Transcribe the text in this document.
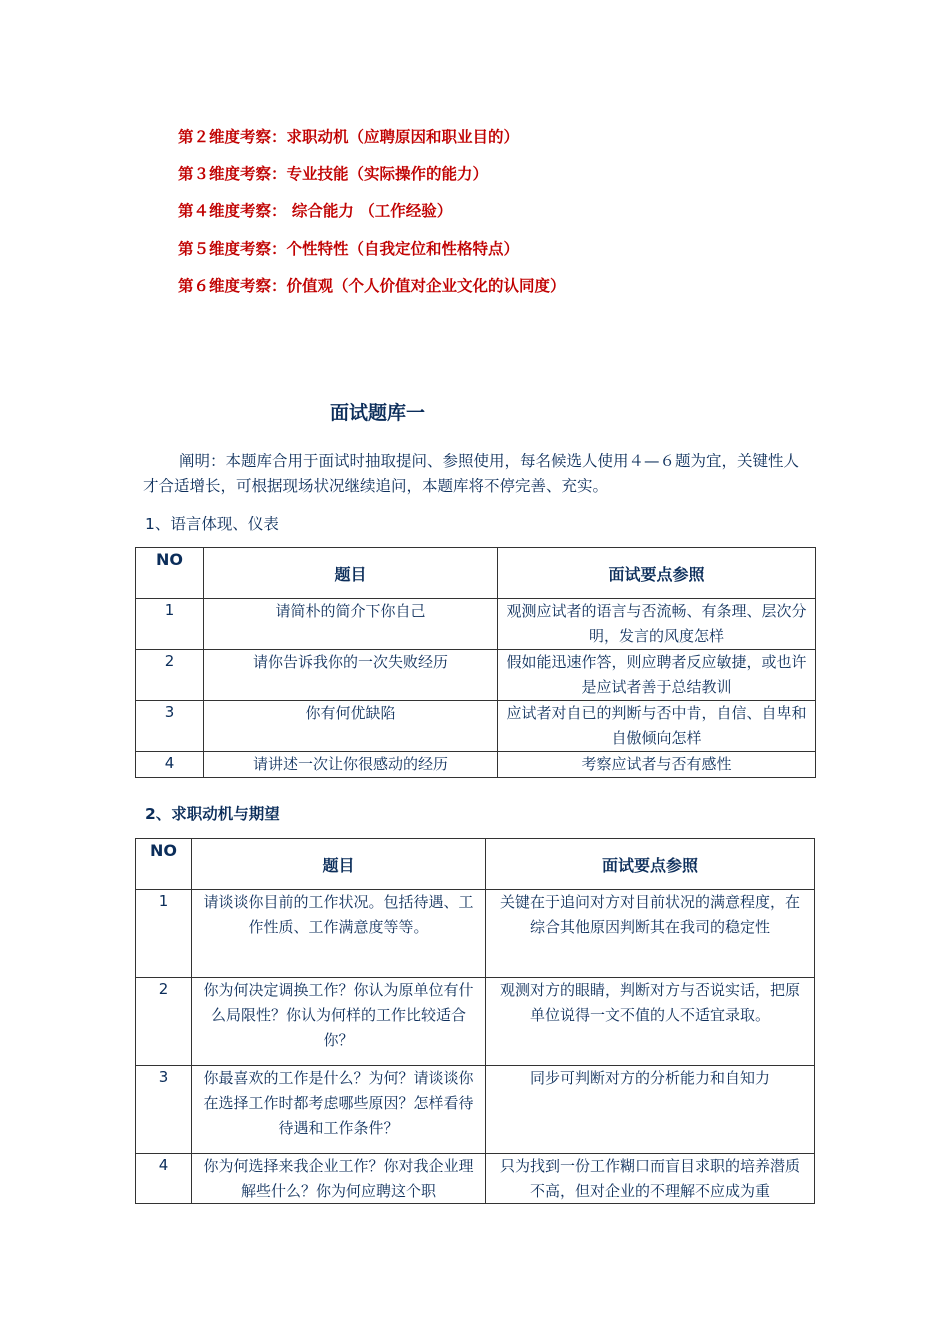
第２维度考察：求职动机（应聘原因和职业目的）
第３维度考察：专业技能（实际操作的能力）
第４维度考察： 综合能力 （工作经验）
第５维度考察：个性特性（自我定位和性格特点）
第６维度考察：价值观（个人价值对企业文化的认同度）
面试题库一
阐明：本题库合用于面试时抽取提问、参照使用，每名候选人使用４—６题为宜，关键性人才合适增长，可根据现场状况继续追问，本题库将不停完善、充实。
1、语言体现、仪表
NO	题目	面试要点参照
1	请简朴的简介下你自己	观测应试者的语言与否流畅、有条理、层次分明，发言的风度怎样
2	请你告诉我你的一次失败经历	假如能迅速作答，则应聘者反应敏捷，或也许是应试者善于总结教训
3	你有何优缺陷	应试者对自已的判断与否中肯，自信、自卑和自傲倾向怎样
4	请讲述一次让你很感动的经历	考察应试者与否有感性
2、求职动机与期望
NO	题目	面试要点参照
1	请谈谈你目前的工作状况。包括待遇、工作性质、工作满意度等等。	关键在于追问对方对目前状况的满意程度，在综合其他原因判断其在我司的稳定性
2	你为何决定调换工作？你认为原单位有什么局限性？你认为何样的工作比较适合你？	观测对方的眼睛，判断对方与否说实话，把原单位说得一文不值的人不适宜录取。
3	你最喜欢的工作是什么？为何？请谈谈你在选择工作时都考虑哪些原因？怎样看待待遇和工作条件？	同步可判断对方的分析能力和自知力
4	你为何选择来我企业工作？你对我企业理解些什么？你为何应聘这个职	只为找到一份工作糊口而盲目求职的培养潜质不高，但对企业的不理解不应成为重
